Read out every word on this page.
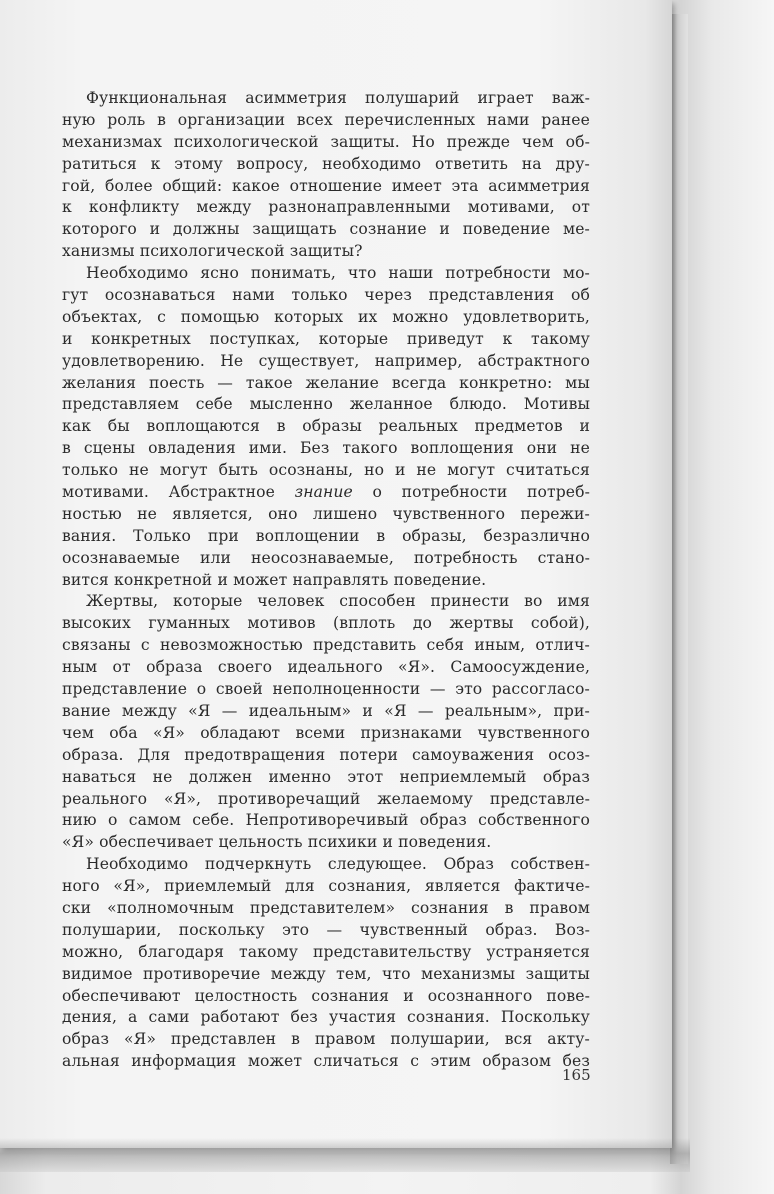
Функциональная асимметрия полушарий играет важ-
ную роль в организации всех перечисленных нами ранее
механизмах психологической защиты. Но прежде чем об-
ратиться к этому вопросу, необходимо ответить на дру-
гой, более общий: какое отношение имеет эта асимметрия
к конфликту между разнонаправленными мотивами, от
которого и должны защищать сознание и поведение ме-
ханизмы психологической защиты?
Необходимо ясно понимать, что наши потребности мо-
гут осознаваться нами только через представления об
объектах, с помощью которых их можно удовлетворить,
и конкретных поступках, которые приведут к такому
удовлетворению. Не существует, например, абстрактного
желания поесть — такое желание всегда конкретно: мы
представляем себе мысленно желанное блюдо. Мотивы
как бы воплощаются в образы реальных предметов и
в сцены овладения ими. Без такого воплощения они не
только не могут быть осознаны, но и не могут считаться
мотивами. Абстрактное знание о потребности потреб-
ностью не является, оно лишено чувственного пережи-
вания. Только при воплощении в образы, безразлично
осознаваемые или неосознаваемые, потребность стано-
вится конкретной и может направлять поведение.
Жертвы, которые человек способен принести во имя
высоких гуманных мотивов (вплоть до жертвы собой),
связаны с невозможностью представить себя иным, отлич-
ным от образа своего идеального «Я». Самоосуждение,
представление о своей неполноценности — это рассогласо-
вание между «Я — идеальным» и «Я — реальным», при-
чем оба «Я» обладают всеми признаками чувственного
образа. Для предотвращения потери самоуважения осоз-
наваться не должен именно этот неприемлемый образ
реального «Я», противоречащий желаемому представле-
нию о самом себе. Непротиворечивый образ собственного
«Я» обеспечивает цельность психики и поведения.
Необходимо подчеркнуть следующее. Образ собствен-
ного «Я», приемлемый для сознания, является фактиче-
ски «полномочным представителем» сознания в правом
полушарии, поскольку это — чувственный образ. Воз-
можно, благодаря такому представительству устраняется
видимое противоречие между тем, что механизмы защиты
обеспечивают целостность сознания и осознанного пове-
дения, а сами работают без участия сознания. Поскольку
образ «Я» представлен в правом полушарии, вся акту-
альная информация может сличаться с этим образом без
165
